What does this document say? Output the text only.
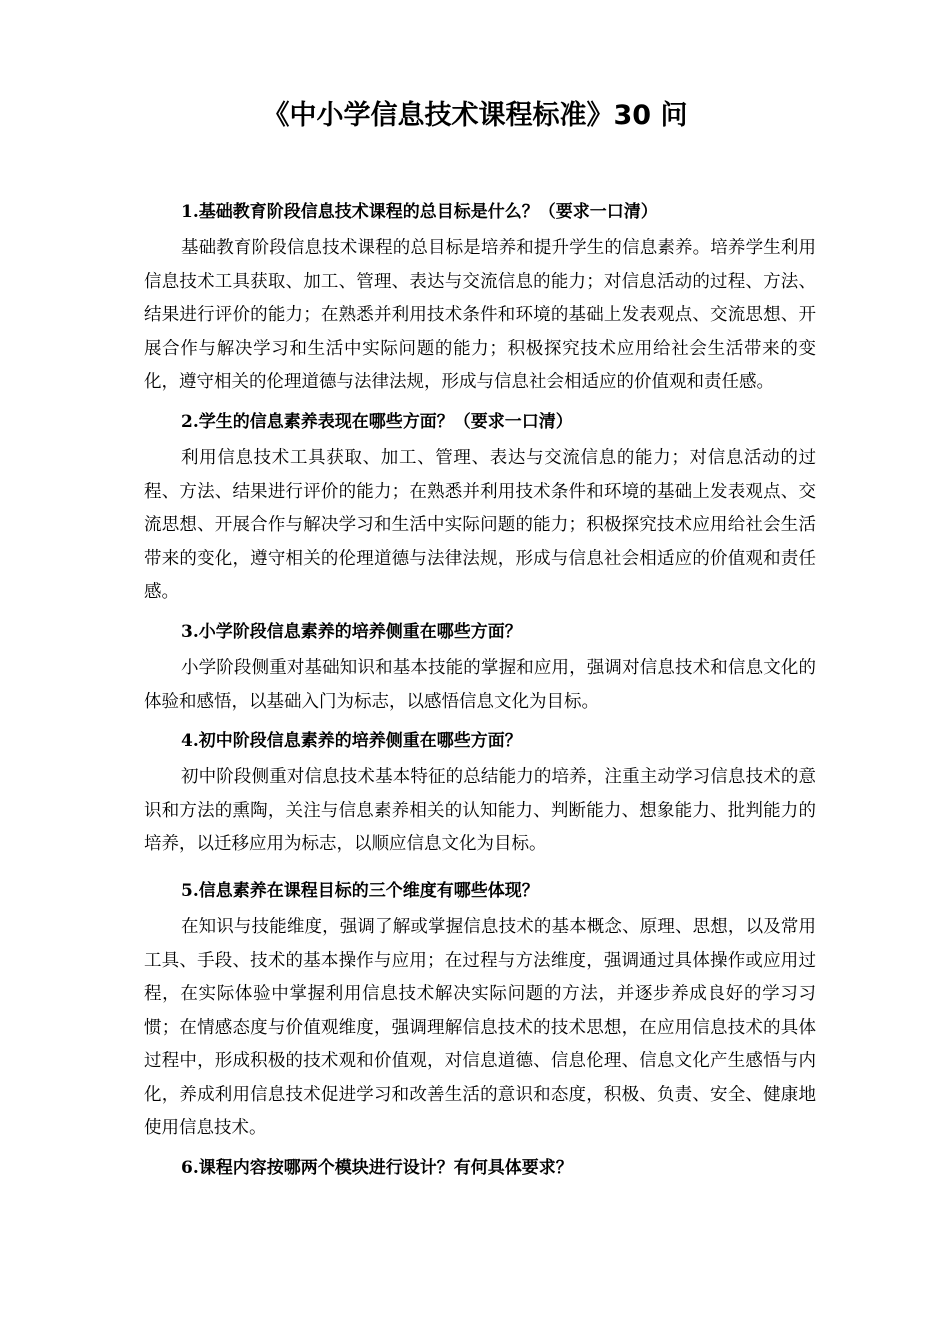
《中小学信息技术课程标准》30 问

1.基础教育阶段信息技术课程的总目标是什么？（要求一口清）

基础教育阶段信息技术课程的总目标是培养和提升学生的信息素养。培养学生利用信息技术工具获取、加工、管理、表达与交流信息的能力；对信息活动的过程、方法、结果进行评价的能力；在熟悉并利用技术条件和环境的基础上发表观点、交流思想、开展合作与解决学习和生活中实际问题的能力；积极探究技术应用给社会生活带来的变化，遵守相关的伦理道德与法律法规，形成与信息社会相适应的价值观和责任感。

2.学生的信息素养表现在哪些方面？（要求一口清）

利用信息技术工具获取、加工、管理、表达与交流信息的能力；对信息活动的过程、方法、结果进行评价的能力；在熟悉并利用技术条件和环境的基础上发表观点、交流思想、开展合作与解决学习和生活中实际问题的能力；积极探究技术应用给社会生活带来的变化，遵守相关的伦理道德与法律法规，形成与信息社会相适应的价值观和责任感。

3.小学阶段信息素养的培养侧重在哪些方面？

小学阶段侧重对基础知识和基本技能的掌握和应用，强调对信息技术和信息文化的体验和感悟，以基础入门为标志，以感悟信息文化为目标。

4.初中阶段信息素养的培养侧重在哪些方面？

初中阶段侧重对信息技术基本特征的总结能力的培养，注重主动学习信息技术的意识和方法的熏陶，关注与信息素养相关的认知能力、判断能力、想象能力、批判能力的培养，以迁移应用为标志，以顺应信息文化为目标。

5.信息素养在课程目标的三个维度有哪些体现？

在知识与技能维度，强调了解或掌握信息技术的基本概念、原理、思想，以及常用工具、手段、技术的基本操作与应用；在过程与方法维度，强调通过具体操作或应用过程，在实际体验中掌握利用信息技术解决实际问题的方法，并逐步养成良好的学习习惯；在情感态度与价值观维度，强调理解信息技术的技术思想，在应用信息技术的具体过程中，形成积极的技术观和价值观，对信息道德、信息伦理、信息文化产生感悟与内化，养成利用信息技术促进学习和改善生活的意识和态度，积极、负责、安全、健康地使用信息技术。

6.课程内容按哪两个模块进行设计？有何具体要求？
